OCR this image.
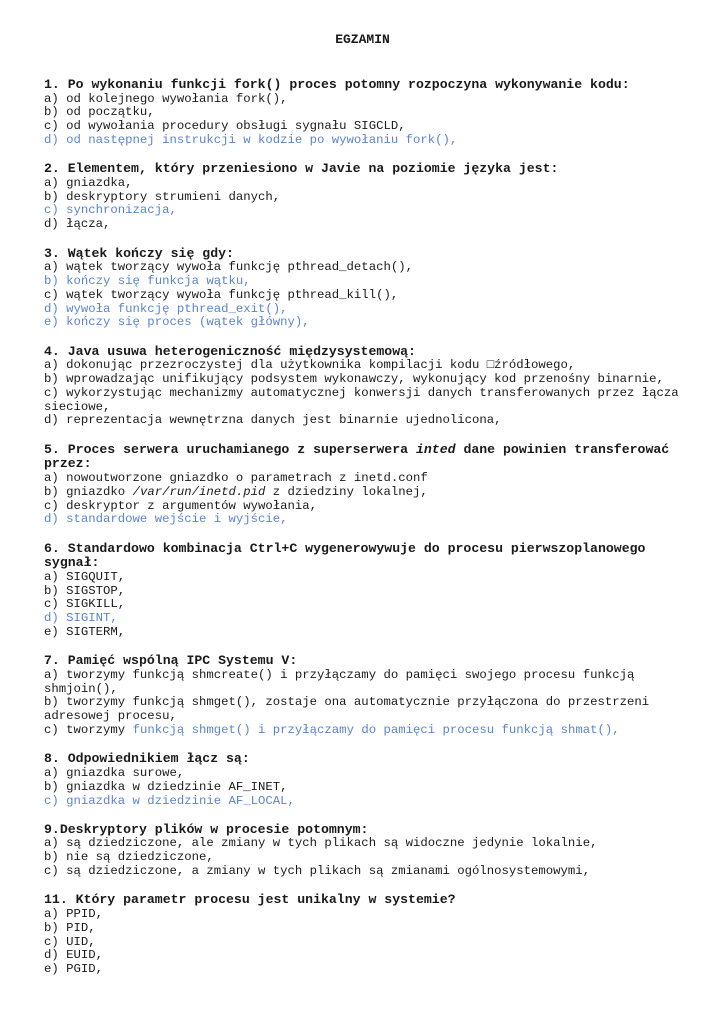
EGZAMIN
1. Po wykonaniu funkcji fork() proces potomny rozpoczyna wykonywanie kodu:
a) od kolejnego wywołania fork(),
b) od początku,
c) od wywołania procedury obsługi sygnału SIGCLD,
d) od następnej instrukcji w kodzie po wywołaniu fork(),
2. Elementem, który przeniesiono w Javie na poziomie języka jest:
a) gniazdka,
b) deskryptory strumieni danych,
c) synchronizacja,
d) łącza,
3. Wątek kończy się gdy:
a) wątek tworzący wywoła funkcję pthread_detach(),
b) kończy się funkcja wątku,
c) wątek tworzący wywoła funkcję pthread_kill(),
d) wywoła funkcję pthread_exit(),
e) kończy się proces (wątek główny),
4. Java usuwa heterogeniczność międzysystemową:
a) dokonując przezroczystej dla użytkownika kompilacji kodu □źródłowego,
b) wprowadzając unifikujący podsystem wykonawczy, wykonujący kod przenośny binarnie,
c) wykorzystując mechanizmy automatycznej konwersji danych transferowanych przez łącza sieciowe,
d) reprezentacja wewnętrzna danych jest binarnie ujednolicona,
5. Proces serwera uruchamianego z superserwera inted dane powinien transferować przez:
a) nowoutworzone gniazdko o parametrach z inetd.conf
b) gniazdko /var/run/inetd.pid z dziedziny lokalnej,
c) deskryptor z argumentów wywołania,
d) standardowe wejście i wyjście,
6. Standardowo kombinacja Ctrl+C wygenerowywuje do procesu pierwszoplanowego sygnał:
a) SIGQUIT,
b) SIGSTOP,
c) SIGKILL,
d) SIGINT,
e) SIGTERM,
7. Pamięć wspólną IPC Systemu V:
a) tworzymy funkcją shmcreate() i przyłączamy do pamięci swojego procesu funkcją shmjoin(),
b) tworzymy funkcją shmget(), zostaje ona automatycznie przyłączona do przestrzeni adresowej procesu,
c) tworzymy funkcją shmget() i przyłączamy do pamięci procesu funkcją shmat(),
8. Odpowiednikiem łącz są:
a) gniazdka surowe,
b) gniazdka w dziedzinie AF_INET,
c) gniazdka w dziedzinie AF_LOCAL,
9.Deskryptory plików w procesie potomnym:
a) są dziedziczone, ale zmiany w tych plikach są widoczne jedynie lokalnie,
b) nie są dziedziczone,
c) są dziedziczone, a zmiany w tych plikach są zmianami ogólnosystemowymi,
11. Który parametr procesu jest unikalny w systemie?
a) PPID,
b) PID,
c) UID,
d) EUID,
e) PGID,
